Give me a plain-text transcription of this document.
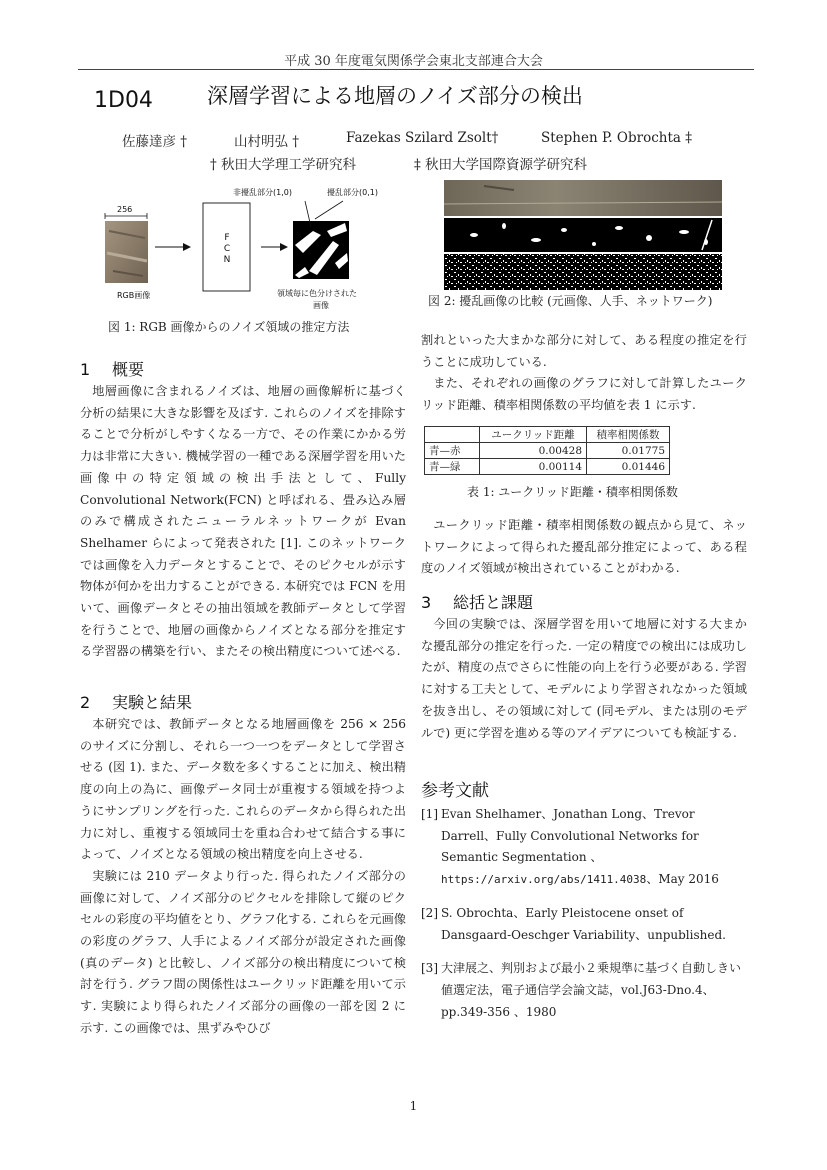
平成 30 年度電気関係学会東北支部連合大会
1D04	深層学習による地層のノイズ部分の検出
佐藤達彦 †	山村明弘 †	Fazekas Szilard Zsolt†	Stephen P. Obrochta ‡
† 秋田大学理工学研究科	‡ 秋田大学国際資源学研究科
256
FCN
非擾乱部分(1,0)	擾乱部分(0,1)
RGB画像	領域毎に色分けされた
画像
図 1: RGB 画像からのノイズ領域の推定方法
図 2: 擾乱画像の比較 (元画像、人手、ネットワーク)
1 概要

地層画像に含まれるノイズは、地層の画像解析に基づく分析の結果に大きな影響を及ぼす. これらのノイズを排除することで分析がしやすくなる一方で、その作業にかかる労力は非常に大きい. 機械学習の一種である深層学習を用いた画像中の特定領域の検出手法として、Fully Convolutional Network(FCN) と呼ばれる、畳み込み層のみで構成されたニューラルネットワークが Evan Shelhamer らによって発表された [1]. このネットワークでは画像を入力データとすることで、そのピクセルが示す物体が何かを出力することができる. 本研究では FCN を用いて、画像データとその抽出領域を教師データとして学習を行うことで、地層の画像からノイズとなる部分を推定する学習器の構築を行い、またその検出精度について述べる.

2 実験と結果

本研究では、教師データとなる地層画像を 256 × 256 のサイズに分割し、それら一つ一つをデータとして学習させる (図 1). また、データ数を多くすることに加え、検出精度の向上の為に、画像データ同士が重複する領域を持つようにサンプリングを行った. これらのデータから得られた出力に対し、重複する領域同士を重ね合わせて結合する事によって、ノイズとなる領域の検出精度を向上させる.

実験には 210 データより行った. 得られたノイズ部分の画像に対して、ノイズ部分のピクセルを排除して縦のピクセルの彩度の平均値をとり、グラフ化する. これらを元画像の彩度のグラフ、人手によるノイズ部分が設定された画像 (真のデータ) と比較し、ノイズ部分の検出精度について検討を行う. グラフ間の関係性はユークリッド距離を用いて示す. 実験により得られたノイズ部分の画像の一部を図 2 に示す. この画像では、黒ずみやひび

割れといった大まかな部分に対して、ある程度の推定を行うことに成功している.

また、それぞれの画像のグラフに対して計算したユークリッド距離、積率相関係数の平均値を表 1 に示す.

	ユークリッド距離	積率相関係数
青—赤	0.00428	0.01775
青—緑	0.00114	0.01446
表 1: ユークリッド距離・積率相関係数

ユークリッド距離・積率相関係数の観点から見て、ネットワークによって得られた擾乱部分推定によって、ある程度のノイズ領域が検出されていることがわかる.

3 総括と課題

今回の実験では、深層学習を用いて地層に対する大まかな擾乱部分の推定を行った. 一定の精度での検出には成功したが、精度の点でさらに性能の向上を行う必要がある. 学習に対する工夫として、モデルにより学習されなかった領域を抜き出し、その領域に対して (同モデル、または別のモデルで) 更に学習を進める等のアイデアについても検証する.

参考文献
[1] Evan Shelhamer、Jonathan Long、Trevor Darrell、Fully Convolutional Networks for Semantic Segmentation 、https://arxiv.org/abs/1411.4038、May 2016
[2] S. Obrochta、Early Pleistocene onset of Dansgaard-Oeschger Variability、unpublished.
[3] 大津展之、判別および最小２乗規準に基づく自動しきい値選定法，電子通信学会論文誌，vol.J63-Dno.4、pp.349-356 、1980
1
